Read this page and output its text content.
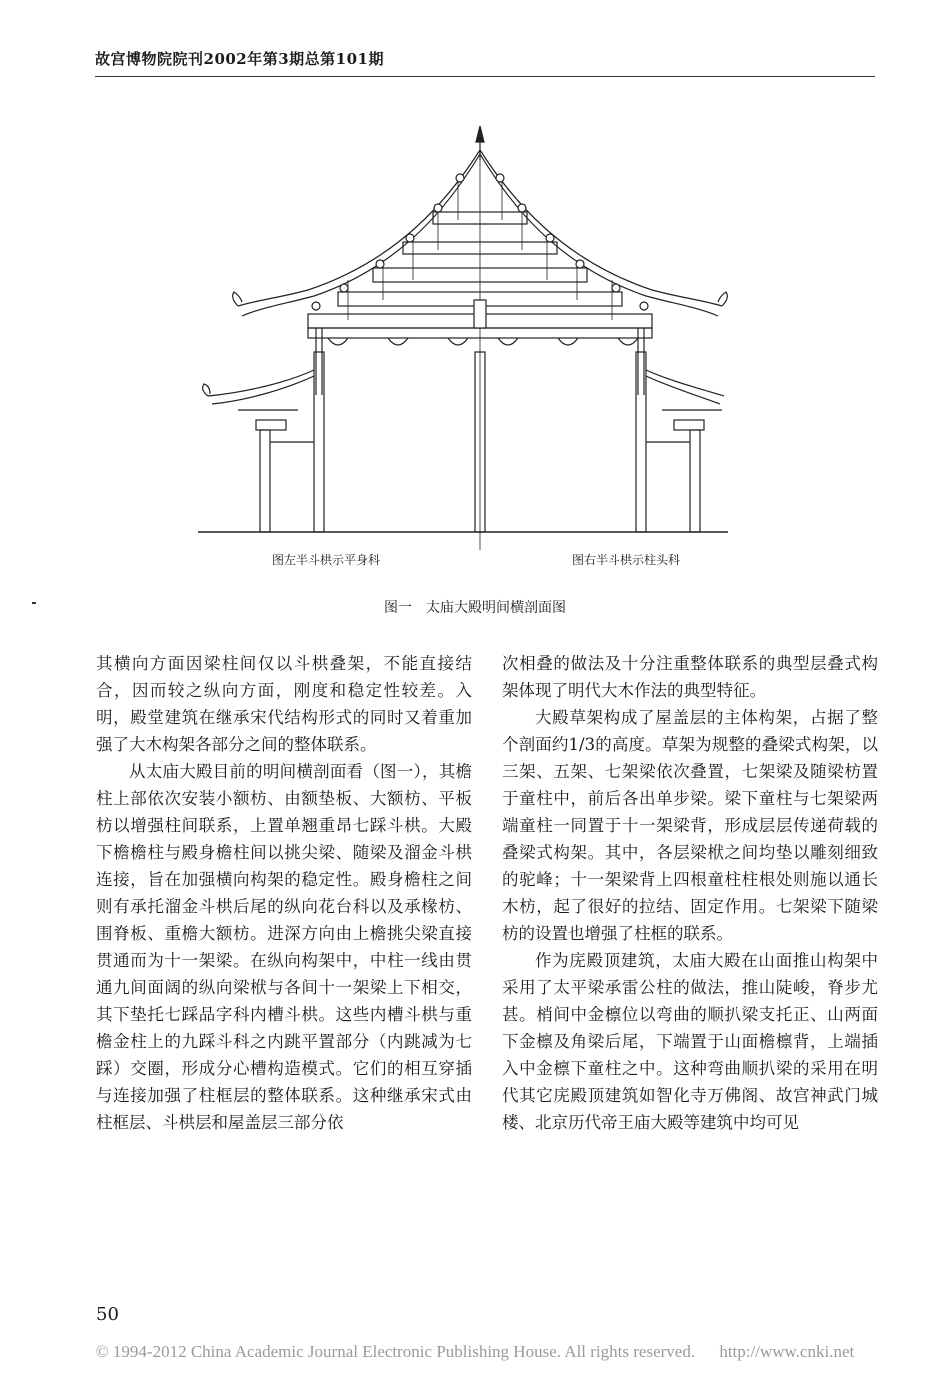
故宫博物院院刊2002年第3期总第101期
图左半斗栱示平身科	图右半斗栱示柱头科
图一　太庙大殿明间横剖面图

其横向方面因梁柱间仅以斗栱叠架，不能直接结合，因而较之纵向方面，刚度和稳定性较差。入明，殿堂建筑在继承宋代结构形式的同时又着重加强了大木构架各部分之间的整体联系。

从太庙大殿目前的明间横剖面看（图一），其檐柱上部依次安装小额枋、由额垫板、大额枋、平板枋以增强柱间联系，上置单翘重昂七踩斗栱。大殿下檐檐柱与殿身檐柱间以挑尖梁、随梁及溜金斗栱连接，旨在加强横向构架的稳定性。殿身檐柱之间则有承托溜金斗栱后尾的纵向花台科以及承椽枋、围脊板、重檐大额枋。进深方向由上檐挑尖梁直接贯通而为十一架梁。在纵向构架中，中柱一线由贯通九间面阔的纵向梁栿与各间十一架梁上下相交，其下垫托七踩品字科内槽斗栱。这些内槽斗栱与重檐金柱上的九踩斗科之内跳平置部分（内跳减为七踩）交圈，形成分心槽构造模式。它们的相互穿插与连接加强了柱框层的整体联系。这种继承宋式由柱框层、斗栱层和屋盖层三部分依

次相叠的做法及十分注重整体联系的典型层叠式构架体现了明代大木作法的典型特征。

大殿草架构成了屋盖层的主体构架，占据了整个剖面约1/3的高度。草架为规整的叠梁式构架，以三架、五架、七架梁依次叠置，七架梁及随梁枋置于童柱中，前后各出单步梁。梁下童柱与七架梁两端童柱一同置于十一架梁背，形成层层传递荷载的叠梁式构架。其中，各层梁栿之间均垫以雕刻细致的驼峰；十一架梁背上四根童柱柱根处则施以通长木枋，起了很好的拉结、固定作用。七架梁下随梁枋的设置也增强了柱框的联系。

作为庑殿顶建筑，太庙大殿在山面推山构架中采用了太平梁承雷公柱的做法，推山陡峻，脊步尤甚。梢间中金檩位以弯曲的顺扒梁支托正、山两面下金檩及角梁后尾，下端置于山面檐檩背，上端插入中金檩下童柱之中。这种弯曲顺扒梁的采用在明代其它庑殿顶建筑如智化寺万佛阁、故宫神武门城楼、北京历代帝王庙大殿等建筑中均可见

50
© 1994-2012 China Academic Journal Electronic Publishing House. All rights reserved. http://www.cnki.net
